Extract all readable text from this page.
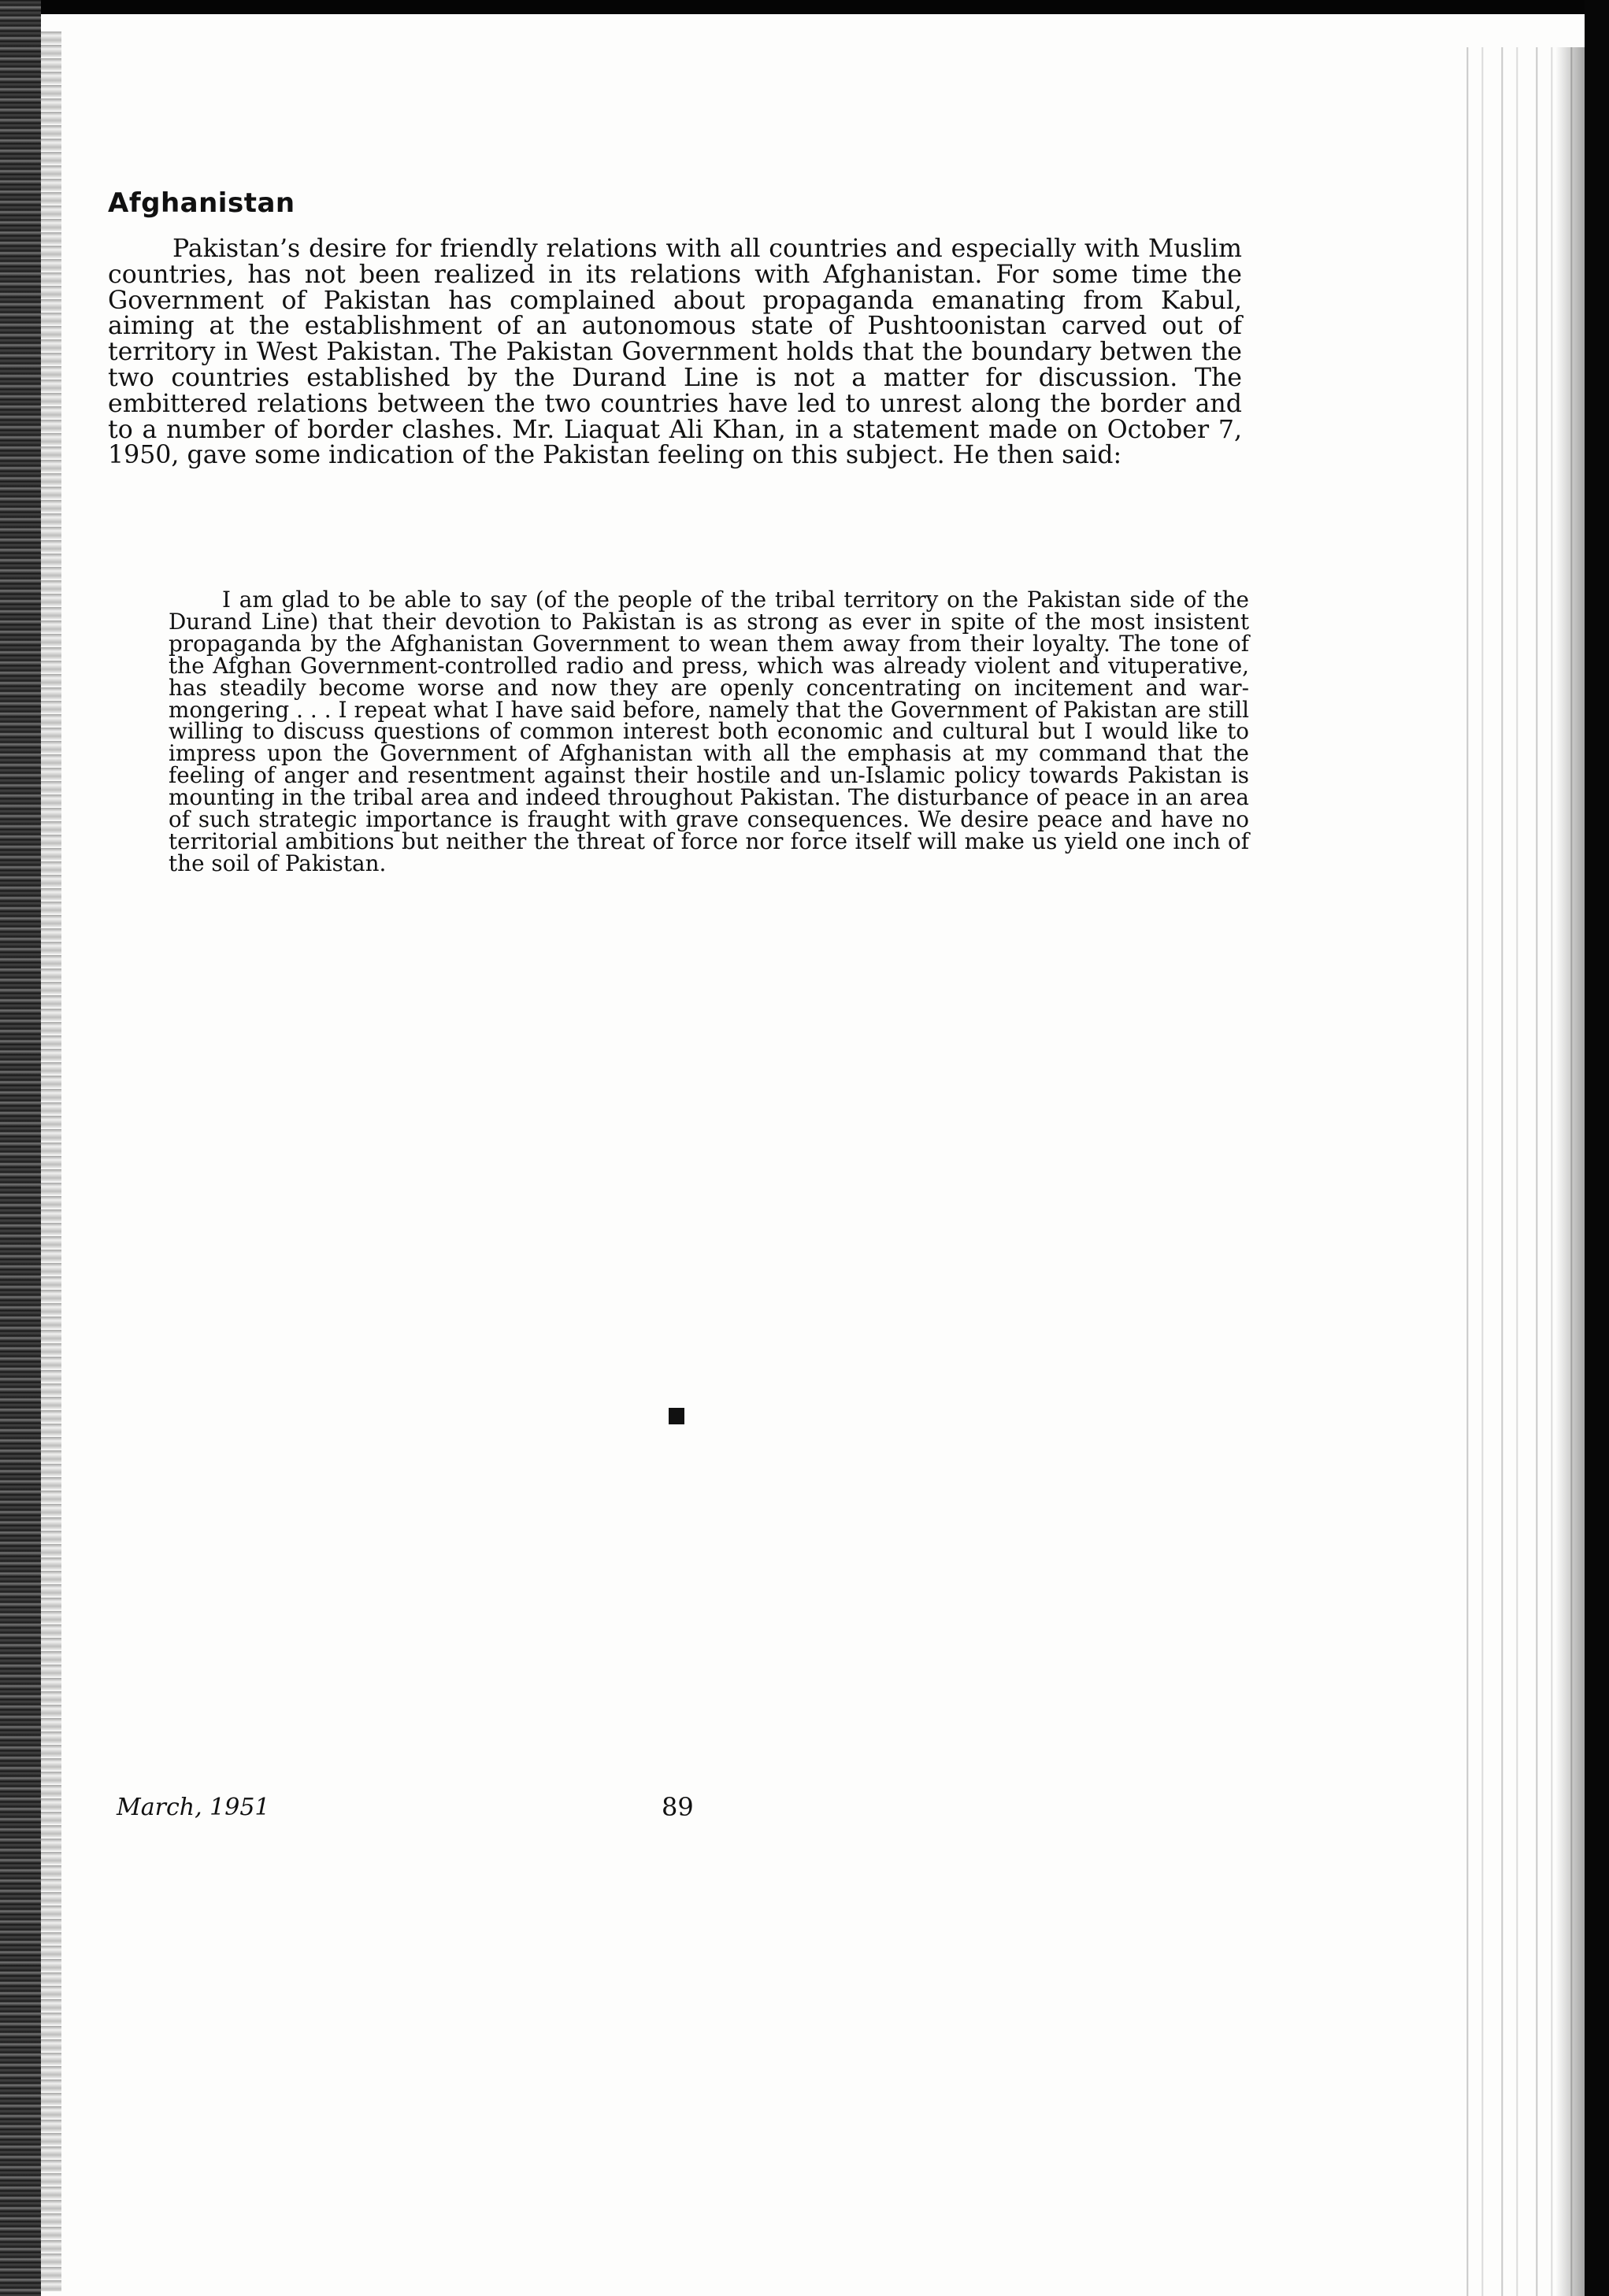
Afghanistan

Pakistan’s desire for friendly relations with all countries and especially with Muslim countries, has not been realized in its relations with Afghanistan. For some time the Government of Pakistan has complained about propaganda emanating from Kabul, aiming at the establishment of an autonomous state of Pushtoonistan carved out of territory in West Pakistan. The Pakistan Government holds that the boundary betwen the two countries established by the Durand Line is not a matter for discussion. The embittered relations between the two countries have led to unrest along the border and to a number of border clashes. Mr. Liaquat Ali Khan, in a statement made on October 7, 1950, gave some indication of the Pakistan feeling on this subject. He then said:

I am glad to be able to say (of the people of the tribal territory on the Pakistan side of the Durand Line) that their devotion to Pakistan is as strong as ever in spite of the most insistent propaganda by the Afghanistan Government to wean them away from their loyalty. The tone of the Afghan Government-controlled radio and press, which was already violent and vituperative, has steadily become worse and now they are openly concentrating on incitement and war-mongering . . . I repeat what I have said before, namely that the Government of Pakistan are still willing to discuss questions of common interest both economic and cultural but I would like to impress upon the Government of Afghanistan with all the emphasis at my command that the feeling of anger and resentment against their hostile and un-Islamic policy towards Pakistan is mounting in the tribal area and indeed throughout Pakistan. The disturbance of peace in an area of such strategic importance is fraught with grave consequences. We desire peace and have no territorial ambitions but neither the threat of force nor force itself will make us yield one inch of the soil of Pakistan.

March, 1951	89
